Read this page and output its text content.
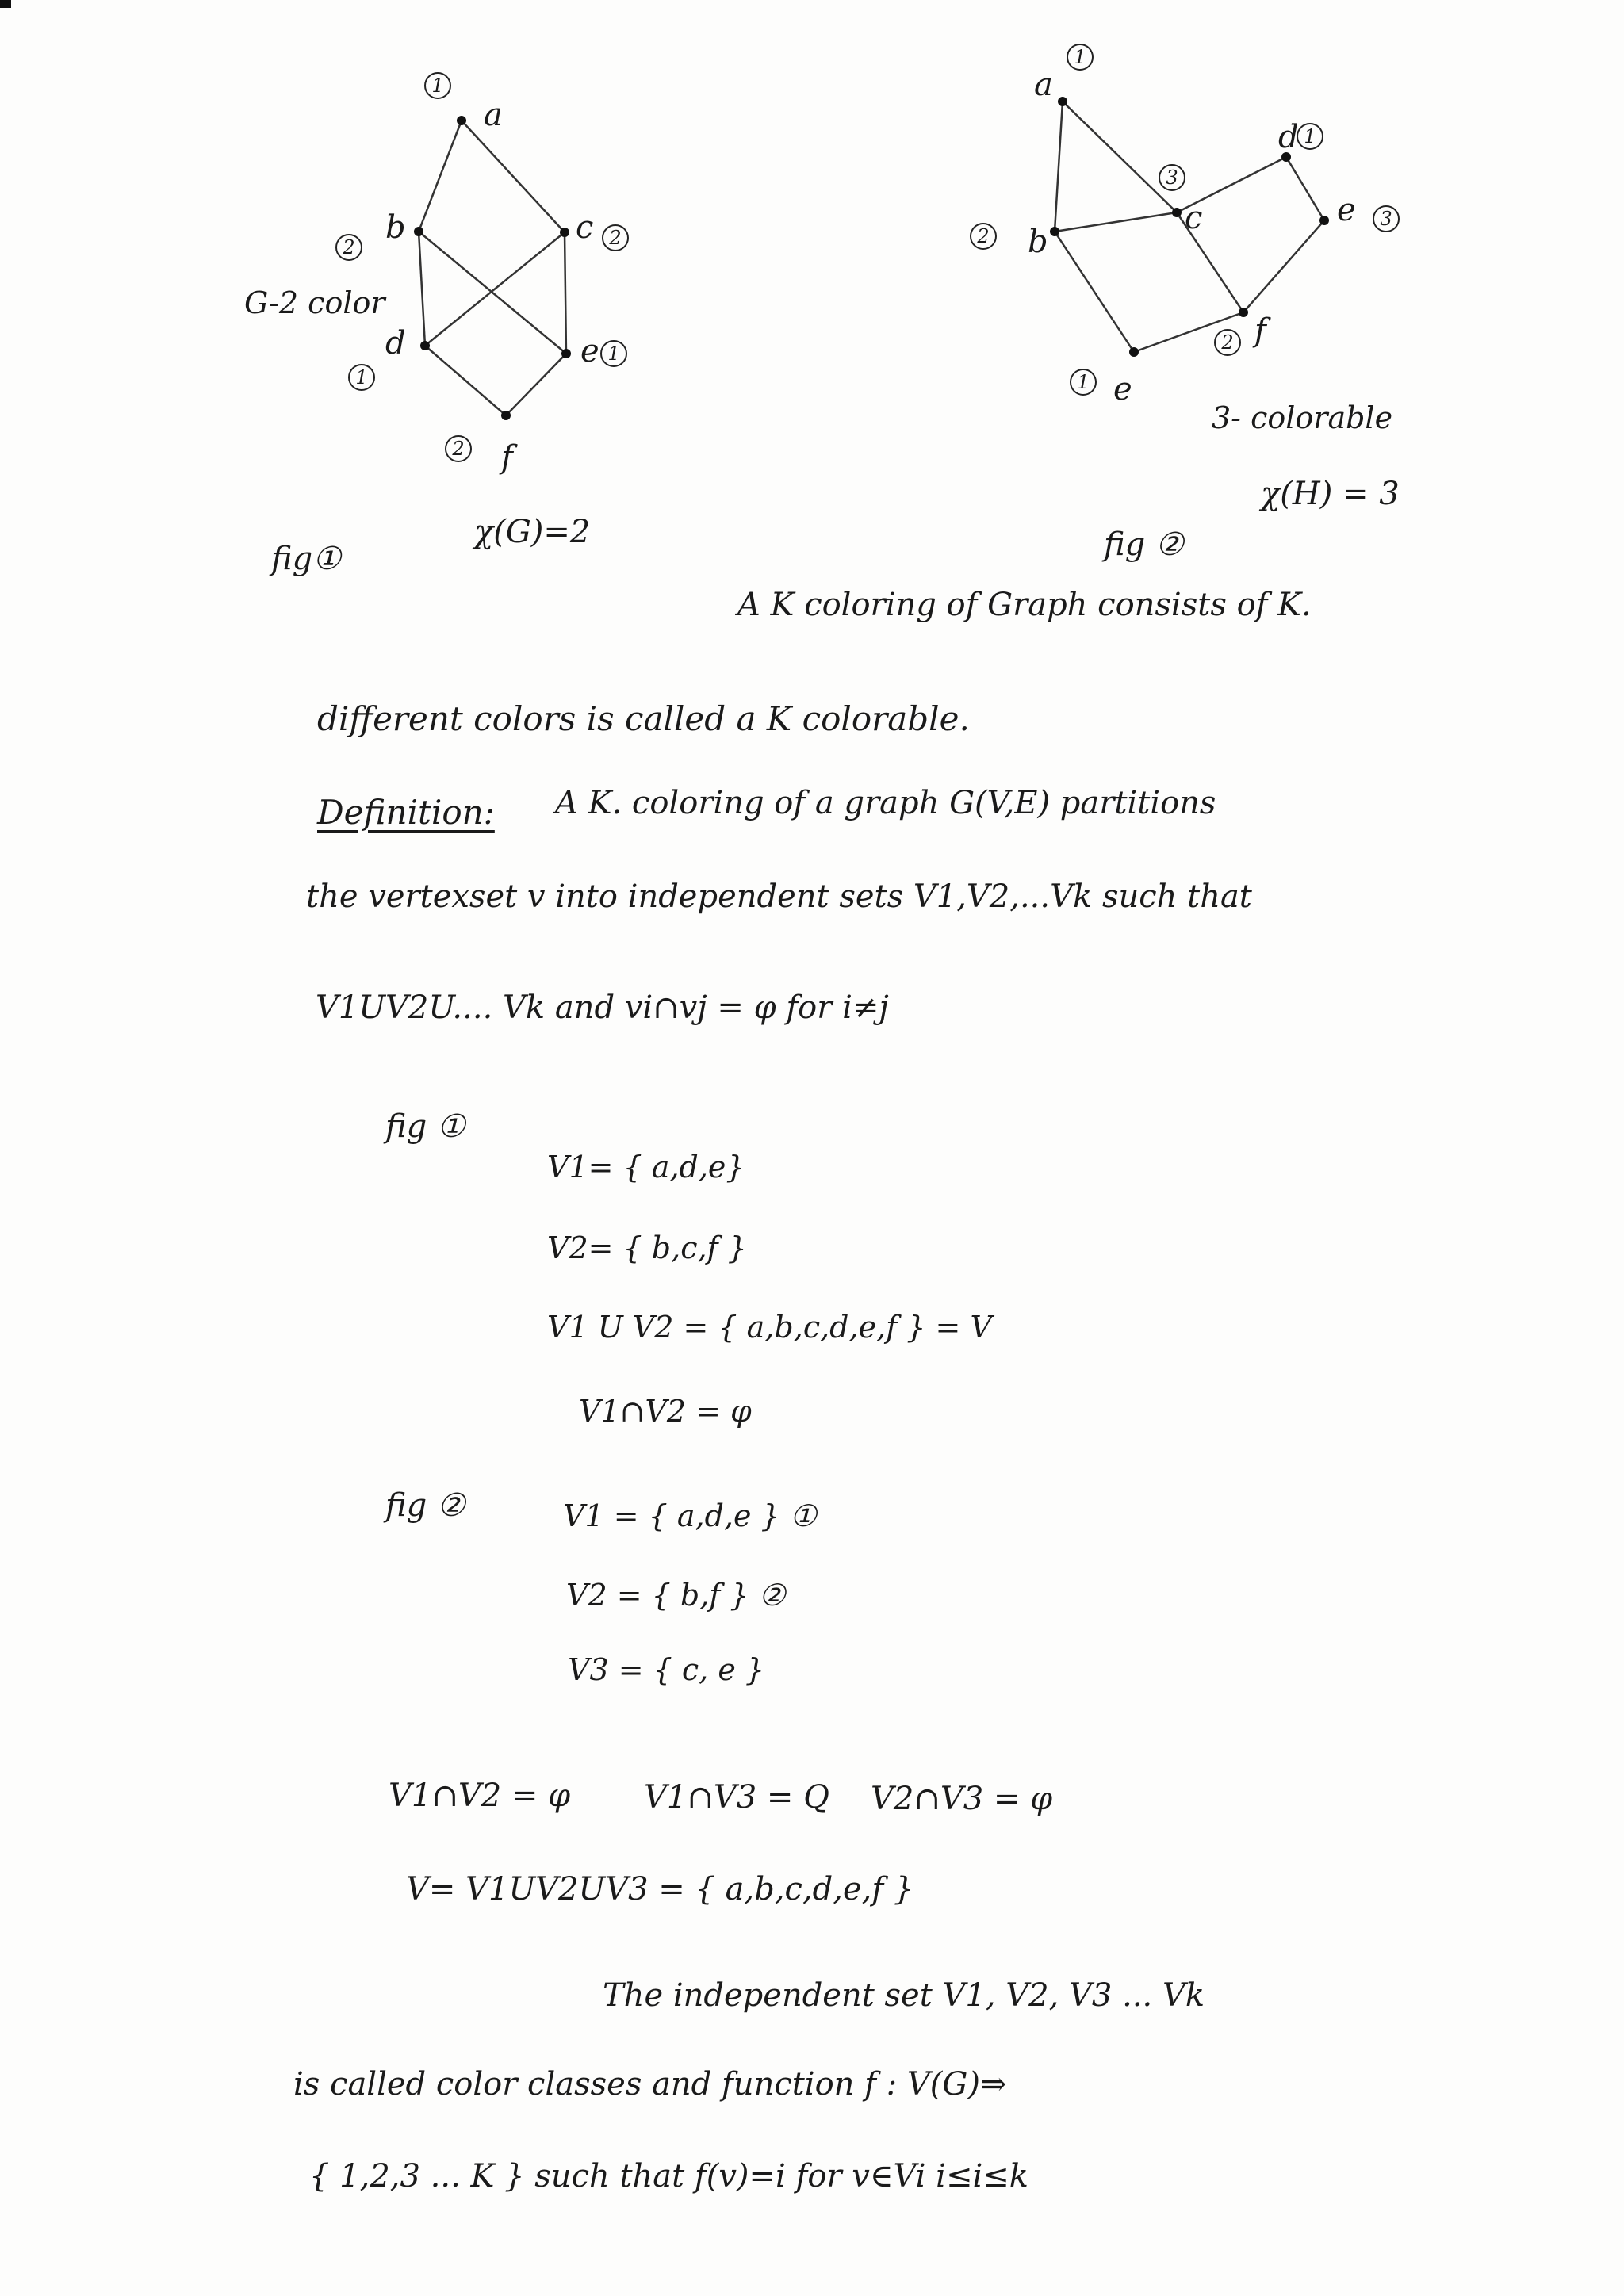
a
1
b
2
c 2
d
1
e 1
f
2
a
1
b
2	c
3
d 1
e 3
e
1
f
2
G-2 color
χ(G)=2
fig①
3- colorable
χ(H) = 3
fig ②
A K coloring of Graph consists of K.
different colors is called a K colorable.
Definition: A K. coloring of a graph G(V,E) partitions
the vertexset v into independent sets V1,V2,...Vk such that
V1UV2U.... Vk and vi∩vj = φ for i≠j
fig ①
V1= { a,d,e}
V2= { b,c,f }
V1 U V2 = { a,b,c,d,e,f } = V
V1∩V2 = φ
fig ②	V1 = { a,d,e } ①
V2 = { b,f } ②
V3 = { c, e }
V1∩V2 = φ V1∩V3 = Q V2∩V3 = φ
V= V1UV2UV3 = { a,b,c,d,e,f }
The independent set V1, V2, V3 ... Vk
is called color classes and function f : V(G)⇒
{ 1,2,3 ... K } such that f(v)=i for v∈Vi i≤i≤k
